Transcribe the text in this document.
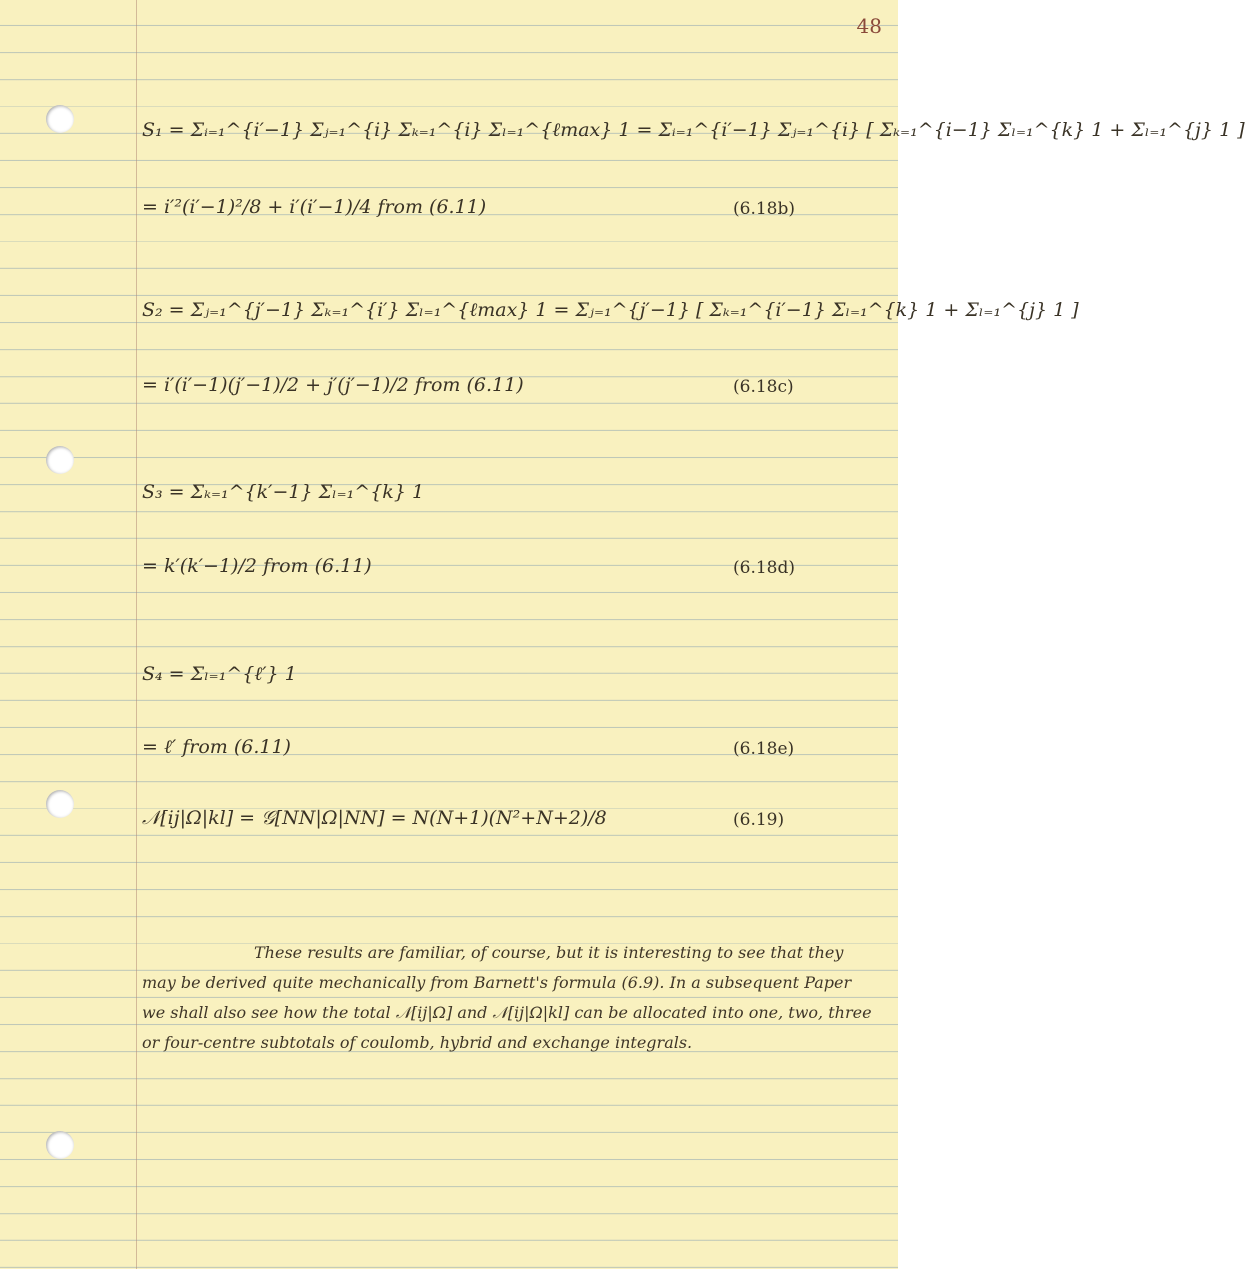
48
S₁ = Σᵢ₌₁^{i′−1} Σⱼ₌₁^{i} Σₖ₌₁^{i} Σₗ₌₁^{ℓmax} 1 = Σᵢ₌₁^{i′−1} Σⱼ₌₁^{i} [ Σₖ₌₁^{i−1} Σₗ₌₁^{k} 1 + Σₗ₌₁^{j} 1 ]
= i′²(i′−1)²/8 + i′(i′−1)/4 from (6.11)	(6.18b)
S₂ = Σⱼ₌₁^{j′−1} Σₖ₌₁^{i′} Σₗ₌₁^{ℓmax} 1 = Σⱼ₌₁^{j′−1} [ Σₖ₌₁^{i′−1} Σₗ₌₁^{k} 1 + Σₗ₌₁^{j} 1 ]
= i′(i′−1)(j′−1)/2 + j′(j′−1)/2 from (6.11)	(6.18c)
S₃ = Σₖ₌₁^{k′−1} Σₗ₌₁^{k} 1
= k′(k′−1)/2 from (6.11)	(6.18d)
S₄ = Σₗ₌₁^{ℓ′} 1
= ℓ′ from (6.11)	(6.18e)
𝒩[ij|Ω|kl] = 𝒢[NN|Ω|NN] = N(N+1)(N²+N+2)/8	(6.19)
These results are familiar, of course, but it is interesting to see that they may be derived quite mechanically from Barnett's formula (6.9). In a subsequent Paper we shall also see how the total 𝒩[ij|Ω] and 𝒩[ij|Ω|kl] can be allocated into one, two, three or four-centre subtotals of coulomb, hybrid and exchange integrals.
